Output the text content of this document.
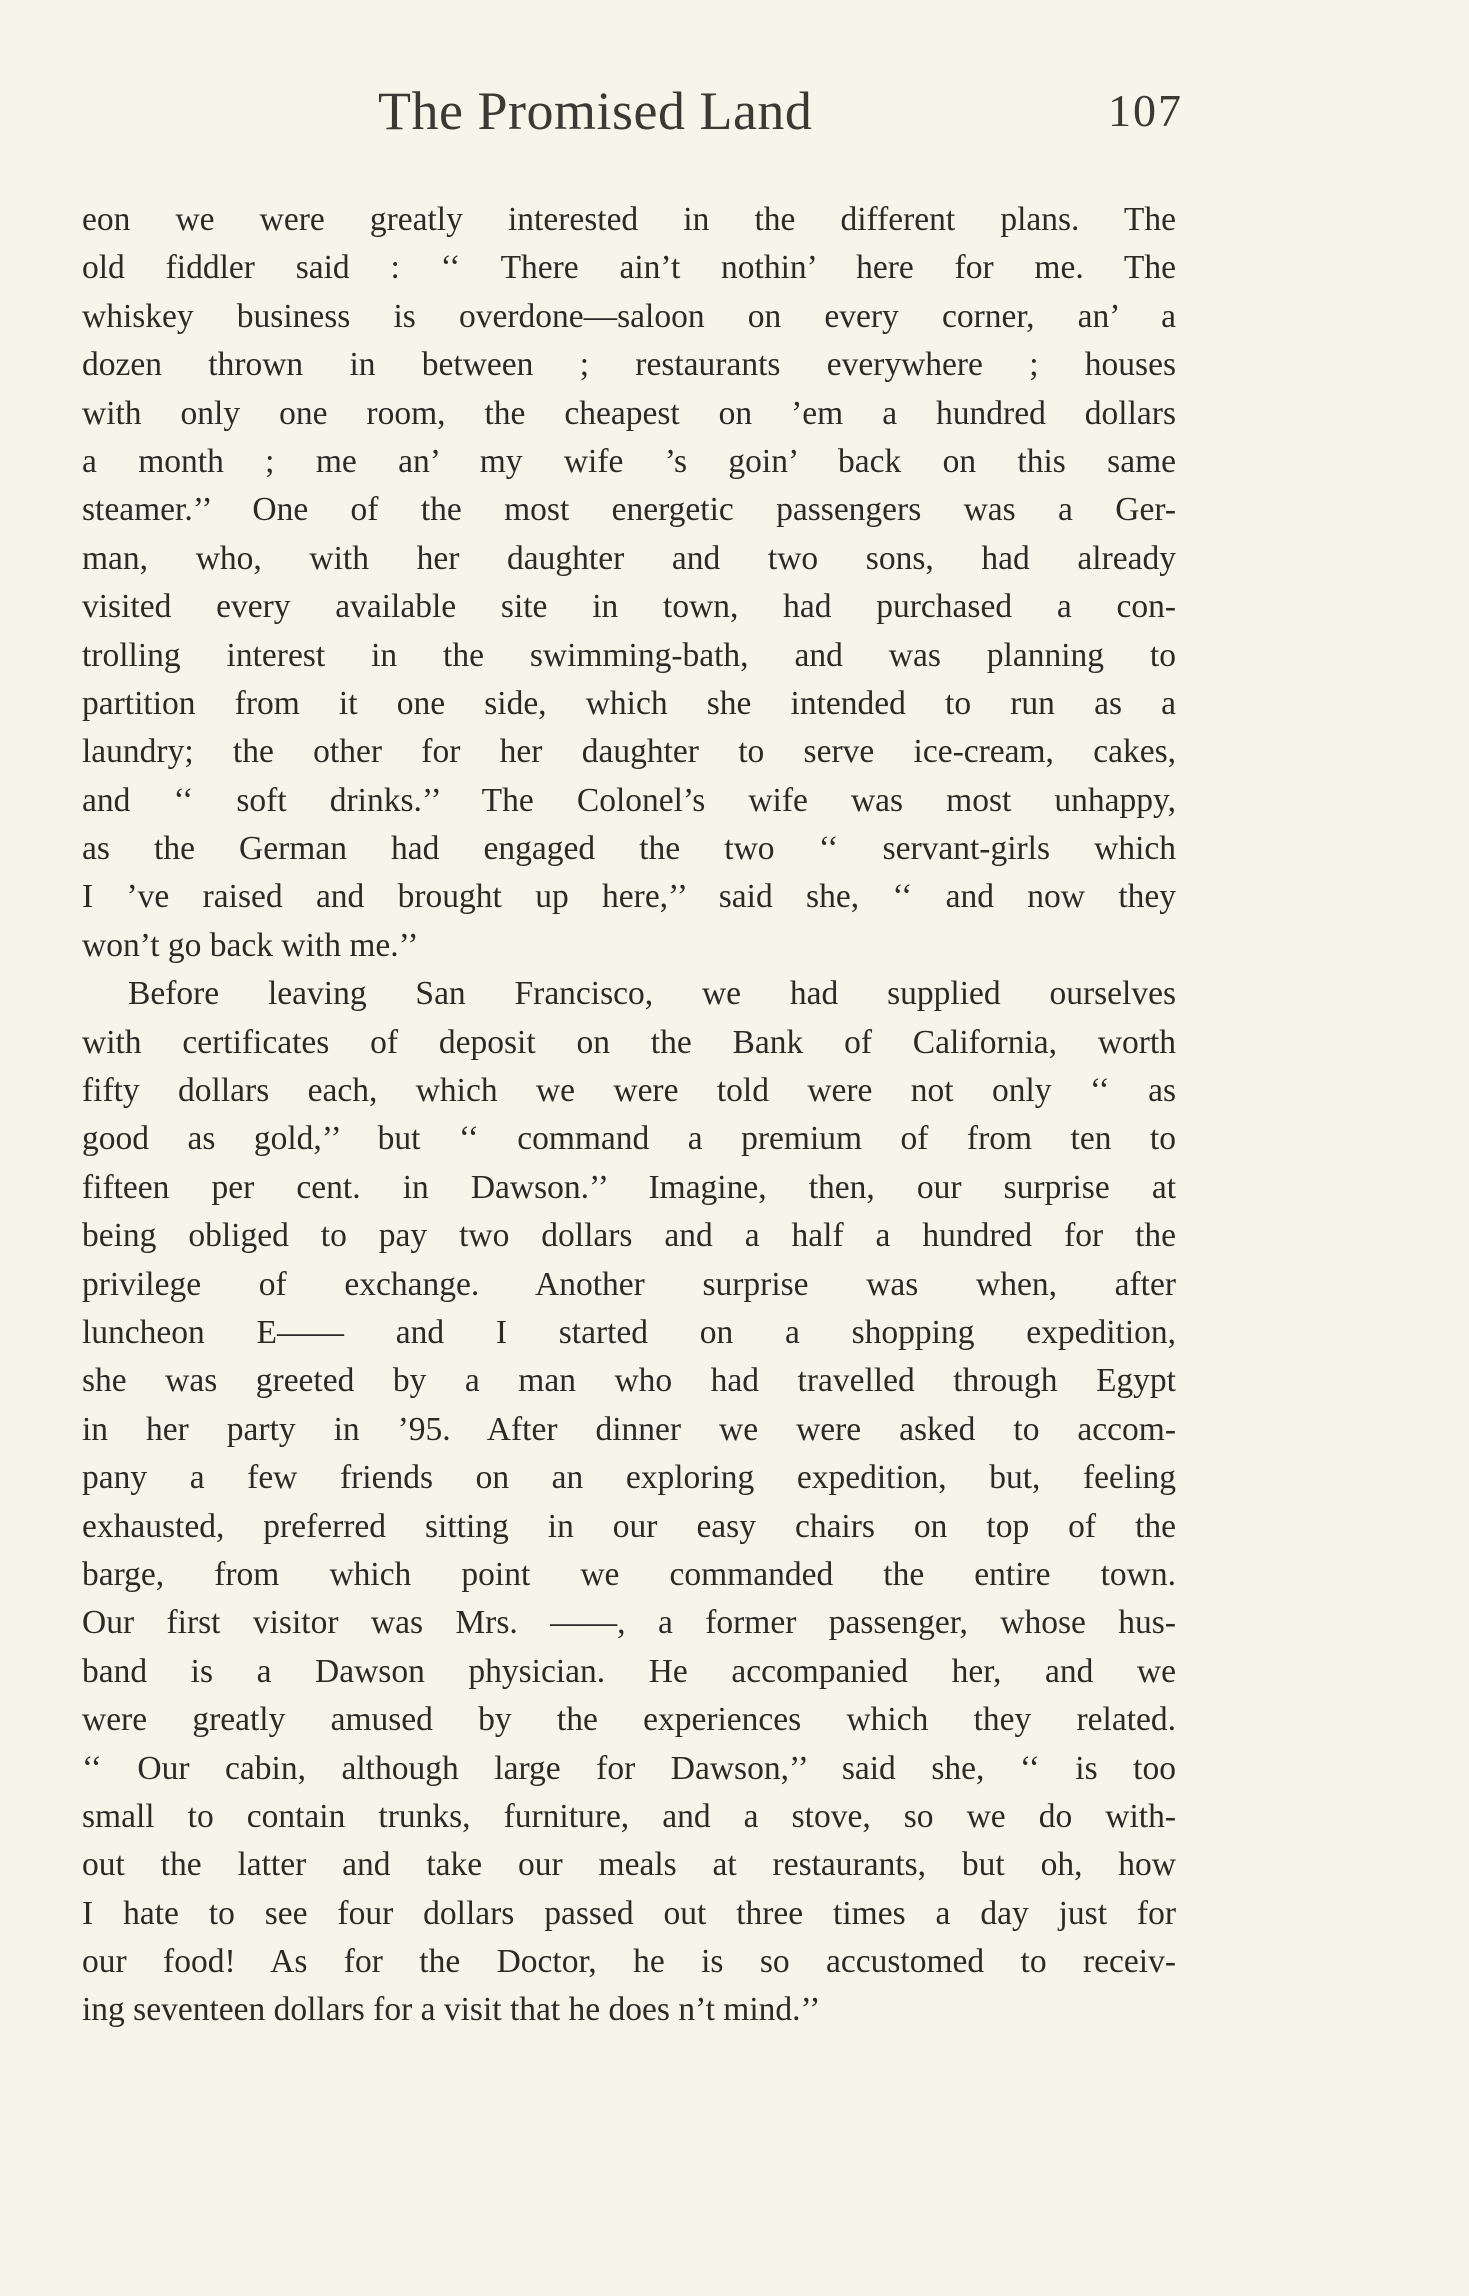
The Promised Land	107
eon we were greatly interested in the different plans. The
old fiddler said : ‘‘ There ain’t nothin’ here for me. The
whiskey business is overdone—saloon on every corner, an’ a
dozen thrown in between ; restaurants everywhere ; houses
with only one room, the cheapest on ’em a hundred dollars
a month ; me an’ my wife ’s goin’ back on this same
steamer.’’ One of the most energetic passengers was a Ger-
man, who, with her daughter and two sons, had already
visited every available site in town, had purchased a con-
trolling interest in the swimming-bath, and was planning to
partition from it one side, which she intended to run as a
laundry; the other for her daughter to serve ice-cream, cakes,
and ‘‘ soft drinks.’’ The Colonel’s wife was most unhappy,
as the German had engaged the two ‘‘ servant-girls which
I ’ve raised and brought up here,’’ said she, ‘‘ and now they
won’t go back with me.’’
Before leaving San Francisco, we had supplied ourselves
with certificates of deposit on the Bank of California, worth
fifty dollars each, which we were told were not only ‘‘ as
good as gold,’’ but ‘‘ command a premium of from ten to
fifteen per cent. in Dawson.’’ Imagine, then, our surprise at
being obliged to pay two dollars and a half a hundred for the
privilege of exchange. Another surprise was when, after
luncheon E—— and I started on a shopping expedition,
she was greeted by a man who had travelled through Egypt
in her party in ’95. After dinner we were asked to accom-
pany a few friends on an exploring expedition, but, feeling
exhausted, preferred sitting in our easy chairs on top of the
barge, from which point we commanded the entire town.
Our first visitor was Mrs. ——, a former passenger, whose hus-
band is a Dawson physician. He accompanied her, and we
were greatly amused by the experiences which they related.
‘‘ Our cabin, although large for Dawson,’’ said she, ‘‘ is too
small to contain trunks, furniture, and a stove, so we do with-
out the latter and take our meals at restaurants, but oh, how
I hate to see four dollars passed out three times a day just for
our food! As for the Doctor, he is so accustomed to receiv-
ing seventeen dollars for a visit that he does n’t mind.’’
